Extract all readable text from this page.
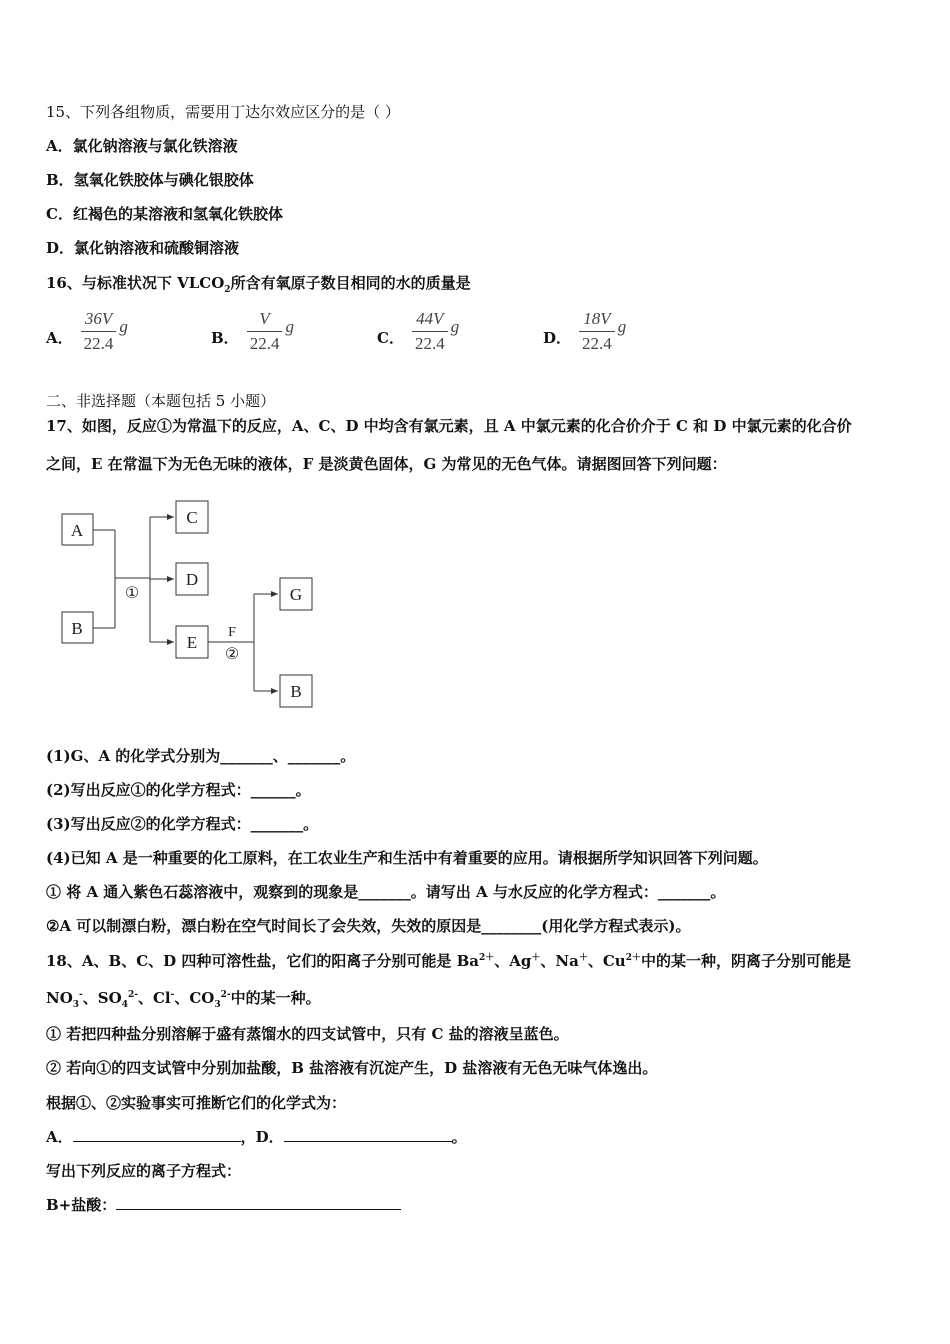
15、下列各组物质，需要用丁达尔效应区分的是（ ）
A．氯化钠溶液与氯化铁溶液
B．氢氧化铁胶体与碘化银胶体
C．红褐色的某溶液和氢氧化铁胶体
D．氯化钠溶液和硫酸铜溶液
16、与标准状况下 $VLCO_2$所含有氧原子数目相同的水的质量是
A． $\frac{36V}{22.4}$ g
B． $\frac{V}{22.4}$ g
C． $\frac{44V}{22.4}$ g
D． $\frac{18V}{22.4}$ g
二、非选择题（本题包括 5 小题）
17、如图，反应①为常温下的反应，A、C、D 中均含有氯元素，且 A 中氯元素的化合价介于 C 和 D 中氯元素的化合价
之间，E 在常温下为无色无味的液体，F 是淡黄色固体，G 为常见的无色气体。请据图回答下列问题：
A
B
C
D
E
G
B
①
F
②
(1)G、A 的化学式分别为_______、_______。
(2)写出反应①的化学方程式：______。
(3)写出反应②的化学方程式：_______。
(4)已知 A 是一种重要的化工原料，在工农业生产和生活中有着重要的应用。请根据所学知识回答下列问题。
① 将 A 通入紫色石蕊溶液中，观察到的现象是_______。请写出 A 与水反应的化学方程式：_______。
②A 可以制漂白粉，漂白粉在空气时间长了会失效，失效的原因是________(用化学方程式表示)。
18、A、B、C、D 四种可溶性盐，它们的阳离子分别可能是 $Ba^{2+}$、Ag＋、Na＋、$Cu^{2+}$中的某一种，阴离子分别可能是
$NO_3^-$、$SO_4^{2-}$、Cl-、$CO_3^{2-}$中的某一种。
① 若把四种盐分别溶解于盛有蒸馏水的四支试管中，只有 C 盐的溶液呈蓝色。
② 若向①的四支试管中分别加盐酸，B 盐溶液有沉淀产生，D 盐溶液有无色无味气体逸出。
根据①、②实验事实可推断它们的化学式为：
A．	，D．	。
写出下列反应的离子方程式：
B+盐酸：
